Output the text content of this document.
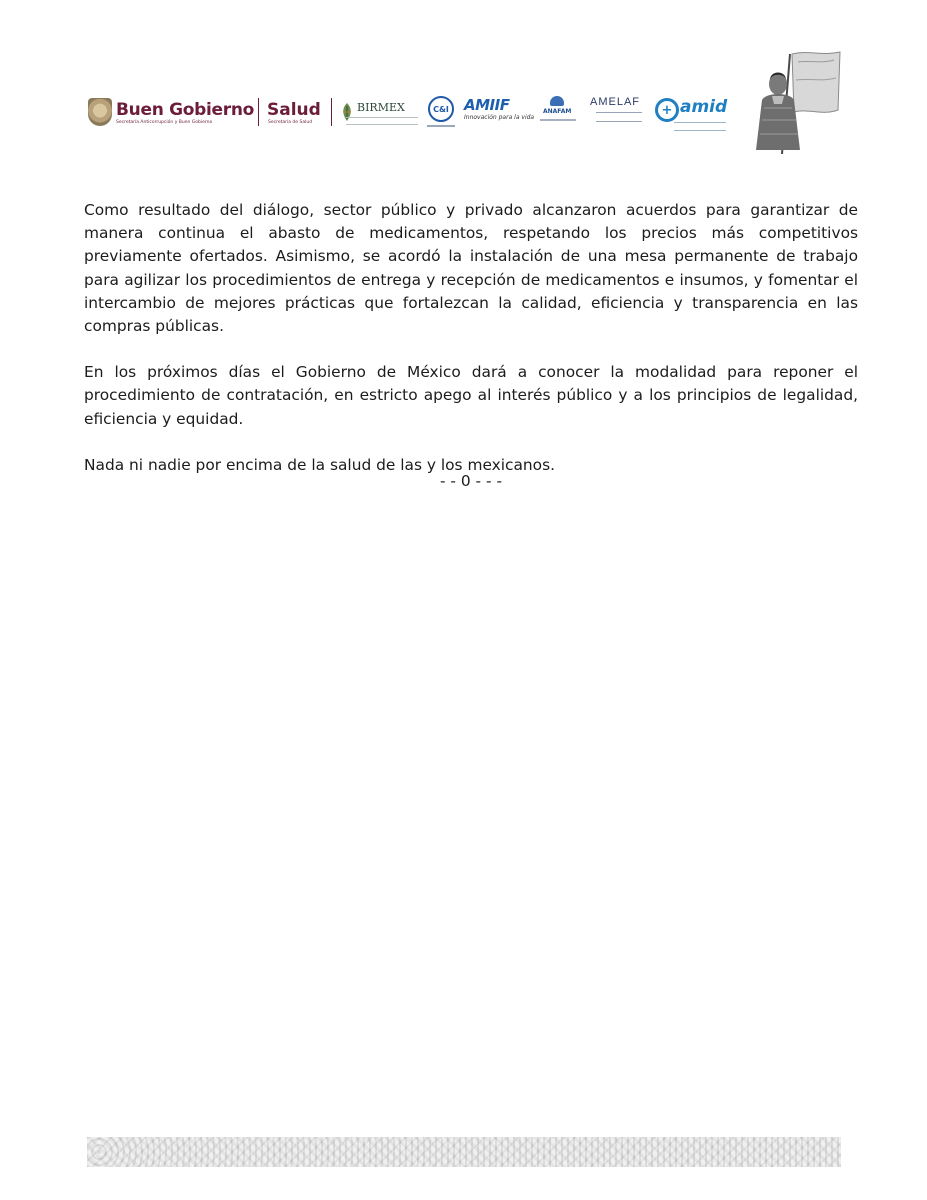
Buen Gobierno
Secretaría Anticorrupción y Buen Gobierno
Salud
Secretaría de Salud
BIRMEX	C&I	AMIIF
Innovación para la vida
ANAFAM
AMELAF
+ amid

Como resultado del diálogo, sector público y privado alcanzaron acuerdos para garantizar de manera continua el abasto de medicamentos, respetando los precios más competitivos previamente ofertados. Asimismo, se acordó la instalación de una mesa permanente de trabajo para agilizar los procedimientos de entrega y recepción de medicamentos e insumos, y fomentar el intercambio de mejores prácticas que fortalezcan la calidad, eficiencia y transparencia en las compras públicas.

En los próximos días el Gobierno de México dará a conocer la modalidad para reponer el procedimiento de contratación, en estricto apego al interés público y a los principios de legalidad, eficiencia y equidad.

Nada ni nadie por encima de la salud de las y los mexicanos.

- - 0 - - -
